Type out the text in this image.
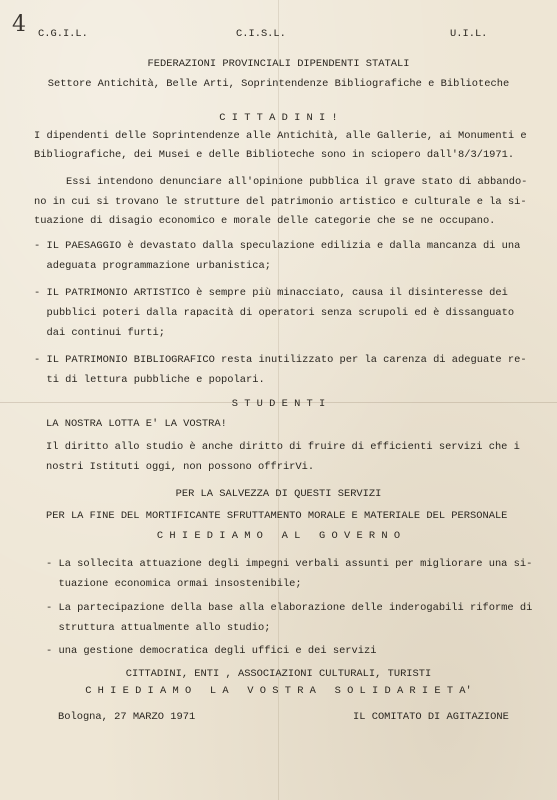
4 C.G.I.L.	C.I.S.L.	U.I.L.
FEDERAZIONI PROVINCIALI DIPENDENTI STATALI
Settore Antichità, Belle Arti, Soprintendenze Bibliografiche e Biblioteche
C I T T A D I N I !
I dipendenti delle Soprintendenze alle Antichità, alle Gallerie, ai Monumenti e
Bibliografiche, dei Musei e delle Biblioteche sono in sciopero dall'8/3/1971.
Essi intendono denunciare all'opinione pubblica il grave stato di abbando-
no in cui si trovano le strutture del patrimonio artistico e culturale e la si-
tuazione di disagio economico e morale delle categorie che se ne occupano.
- IL PAESAGGIO è devastato dalla speculazione edilizia e dalla mancanza di una
adeguata programmazione urbanistica;
- IL PATRIMONIO ARTISTICO è sempre più minacciato, causa il disinteresse dei
pubblici poteri dalla rapacità di operatori senza scrupoli ed è dissanguato
dai continui furti;
- IL PATRIMONIO BIBLIOGRAFICO resta inutilizzato per la carenza di adeguate re-
ti di lettura pubbliche e popolari.
S T U D E N T I
LA NOSTRA LOTTA E' LA VOSTRA!
Il diritto allo studio è anche diritto di fruire di efficienti servizi che i
nostri Istituti oggi, non possono offrirVi.
PER LA SALVEZZA DI QUESTI SERVIZI
PER LA FINE DEL MORTIFICANTE SFRUTTAMENTO MORALE E MATERIALE DEL PERSONALE
C H I E D I A M O   A L   G O V E R N O
- La sollecita attuazione degli impegni verbali assunti per migliorare una si-
tuazione economica ormai insostenibile;
- La partecipazione della base alla elaborazione delle inderogabili riforme di
struttura attualmente allo studio;
- una gestione democratica degli uffici e dei servizi
CITTADINI, ENTI , ASSOCIAZIONI CULTURALI, TURISTI
C H I E D I A M O   L A   V O S T R A   S O L I D A R I E T A'
Bologna, 27 MARZO 1971	IL COMITATO DI AGITAZIONE
